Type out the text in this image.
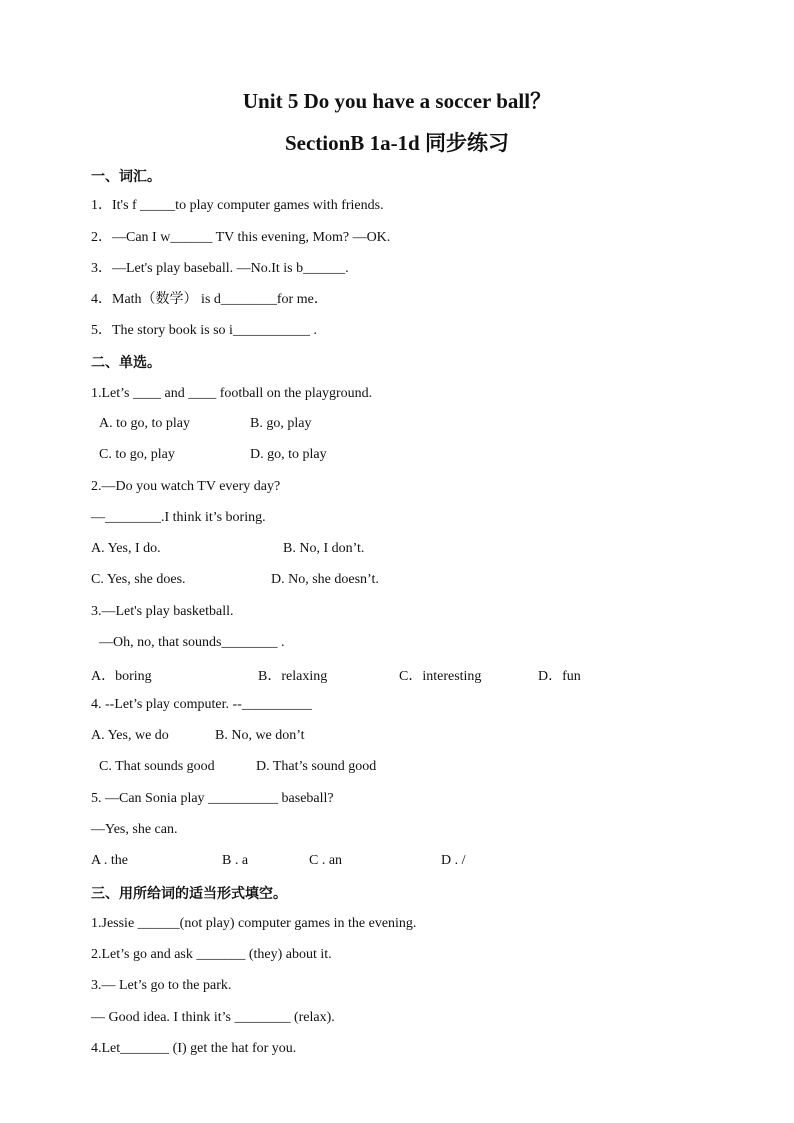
Unit 5 Do you have a soccer ball？
SectionB 1a-1d 同步练习
一、词汇。
1．It's f _____to play computer games with friends.
2．—Can I w______ TV this evening, Mom? —OK.
3．—Let's play baseball. —No.It is b______.
4．Math（数学） is d________for me．
5．The story book is so i___________ .
二、单选。
1.Let’s ____ and ____ football on the playground.
A. to go, to play	B. go, play
C. to go, play	D. go, to play
2.—Do you watch TV every day?
—________.I think it’s boring.
A. Yes, I do.	B. No, I don’t.
C. Yes, she does.	D. No, she doesn’t.
3.—Let's play basketball.
—Oh, no, that sounds________ .
A．boring	B．relaxing	C．interesting	D．fun
4. --Let’s play computer. --__________
A. Yes, we do	B. No, we don’t
C. That sounds good	D. That’s sound good
5. —Can Sonia play __________ baseball?
—Yes, she can.
A . the	B . a	C . an	D . /
三、用所给词的适当形式填空。
1.Jessie ______(not play) computer games in the evening.
2.Let’s go and ask _______ (they) about it.
3.— Let’s go to the park.
— Good idea. I think it’s ________ (relax).
4.Let_______ (I) get the hat for you.
